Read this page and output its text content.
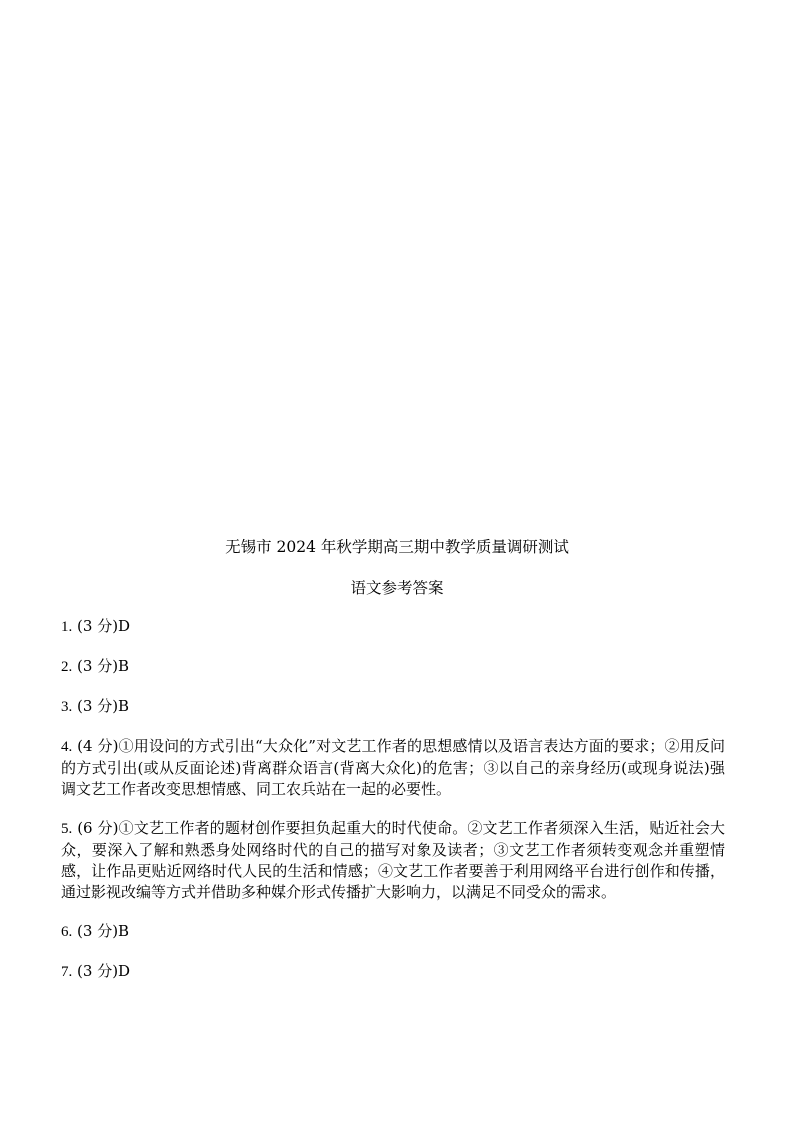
无锡市 2024 年秋学期高三期中教学质量调研测试
语文参考答案

1. (3 分)D

2. (3 分)B

3. (3 分)B

4. (4 分)①用设问的方式引出“大众化”对文艺工作者的思想感情以及语言表达方面的要求；②用反问的方式引出(或从反面论述)背离群众语言(背离大众化)的危害；③以自己的亲身经历(或现身说法)强调文艺工作者改变思想情感、同工农兵站在一起的必要性。

5. (6 分)①文艺工作者的题材创作要担负起重大的时代使命。②文艺工作者须深入生活，贴近社会大众，要深入了解和熟悉身处网络时代的自己的描写对象及读者；③文艺工作者须转变观念并重塑情感，让作品更贴近网络时代人民的生活和情感；④文艺工作者要善于利用网络平台进行创作和传播，通过影视改编等方式并借助多种媒介形式传播扩大影响力，以满足不同受众的需求。

6. (3 分)B

7. (3 分)D
